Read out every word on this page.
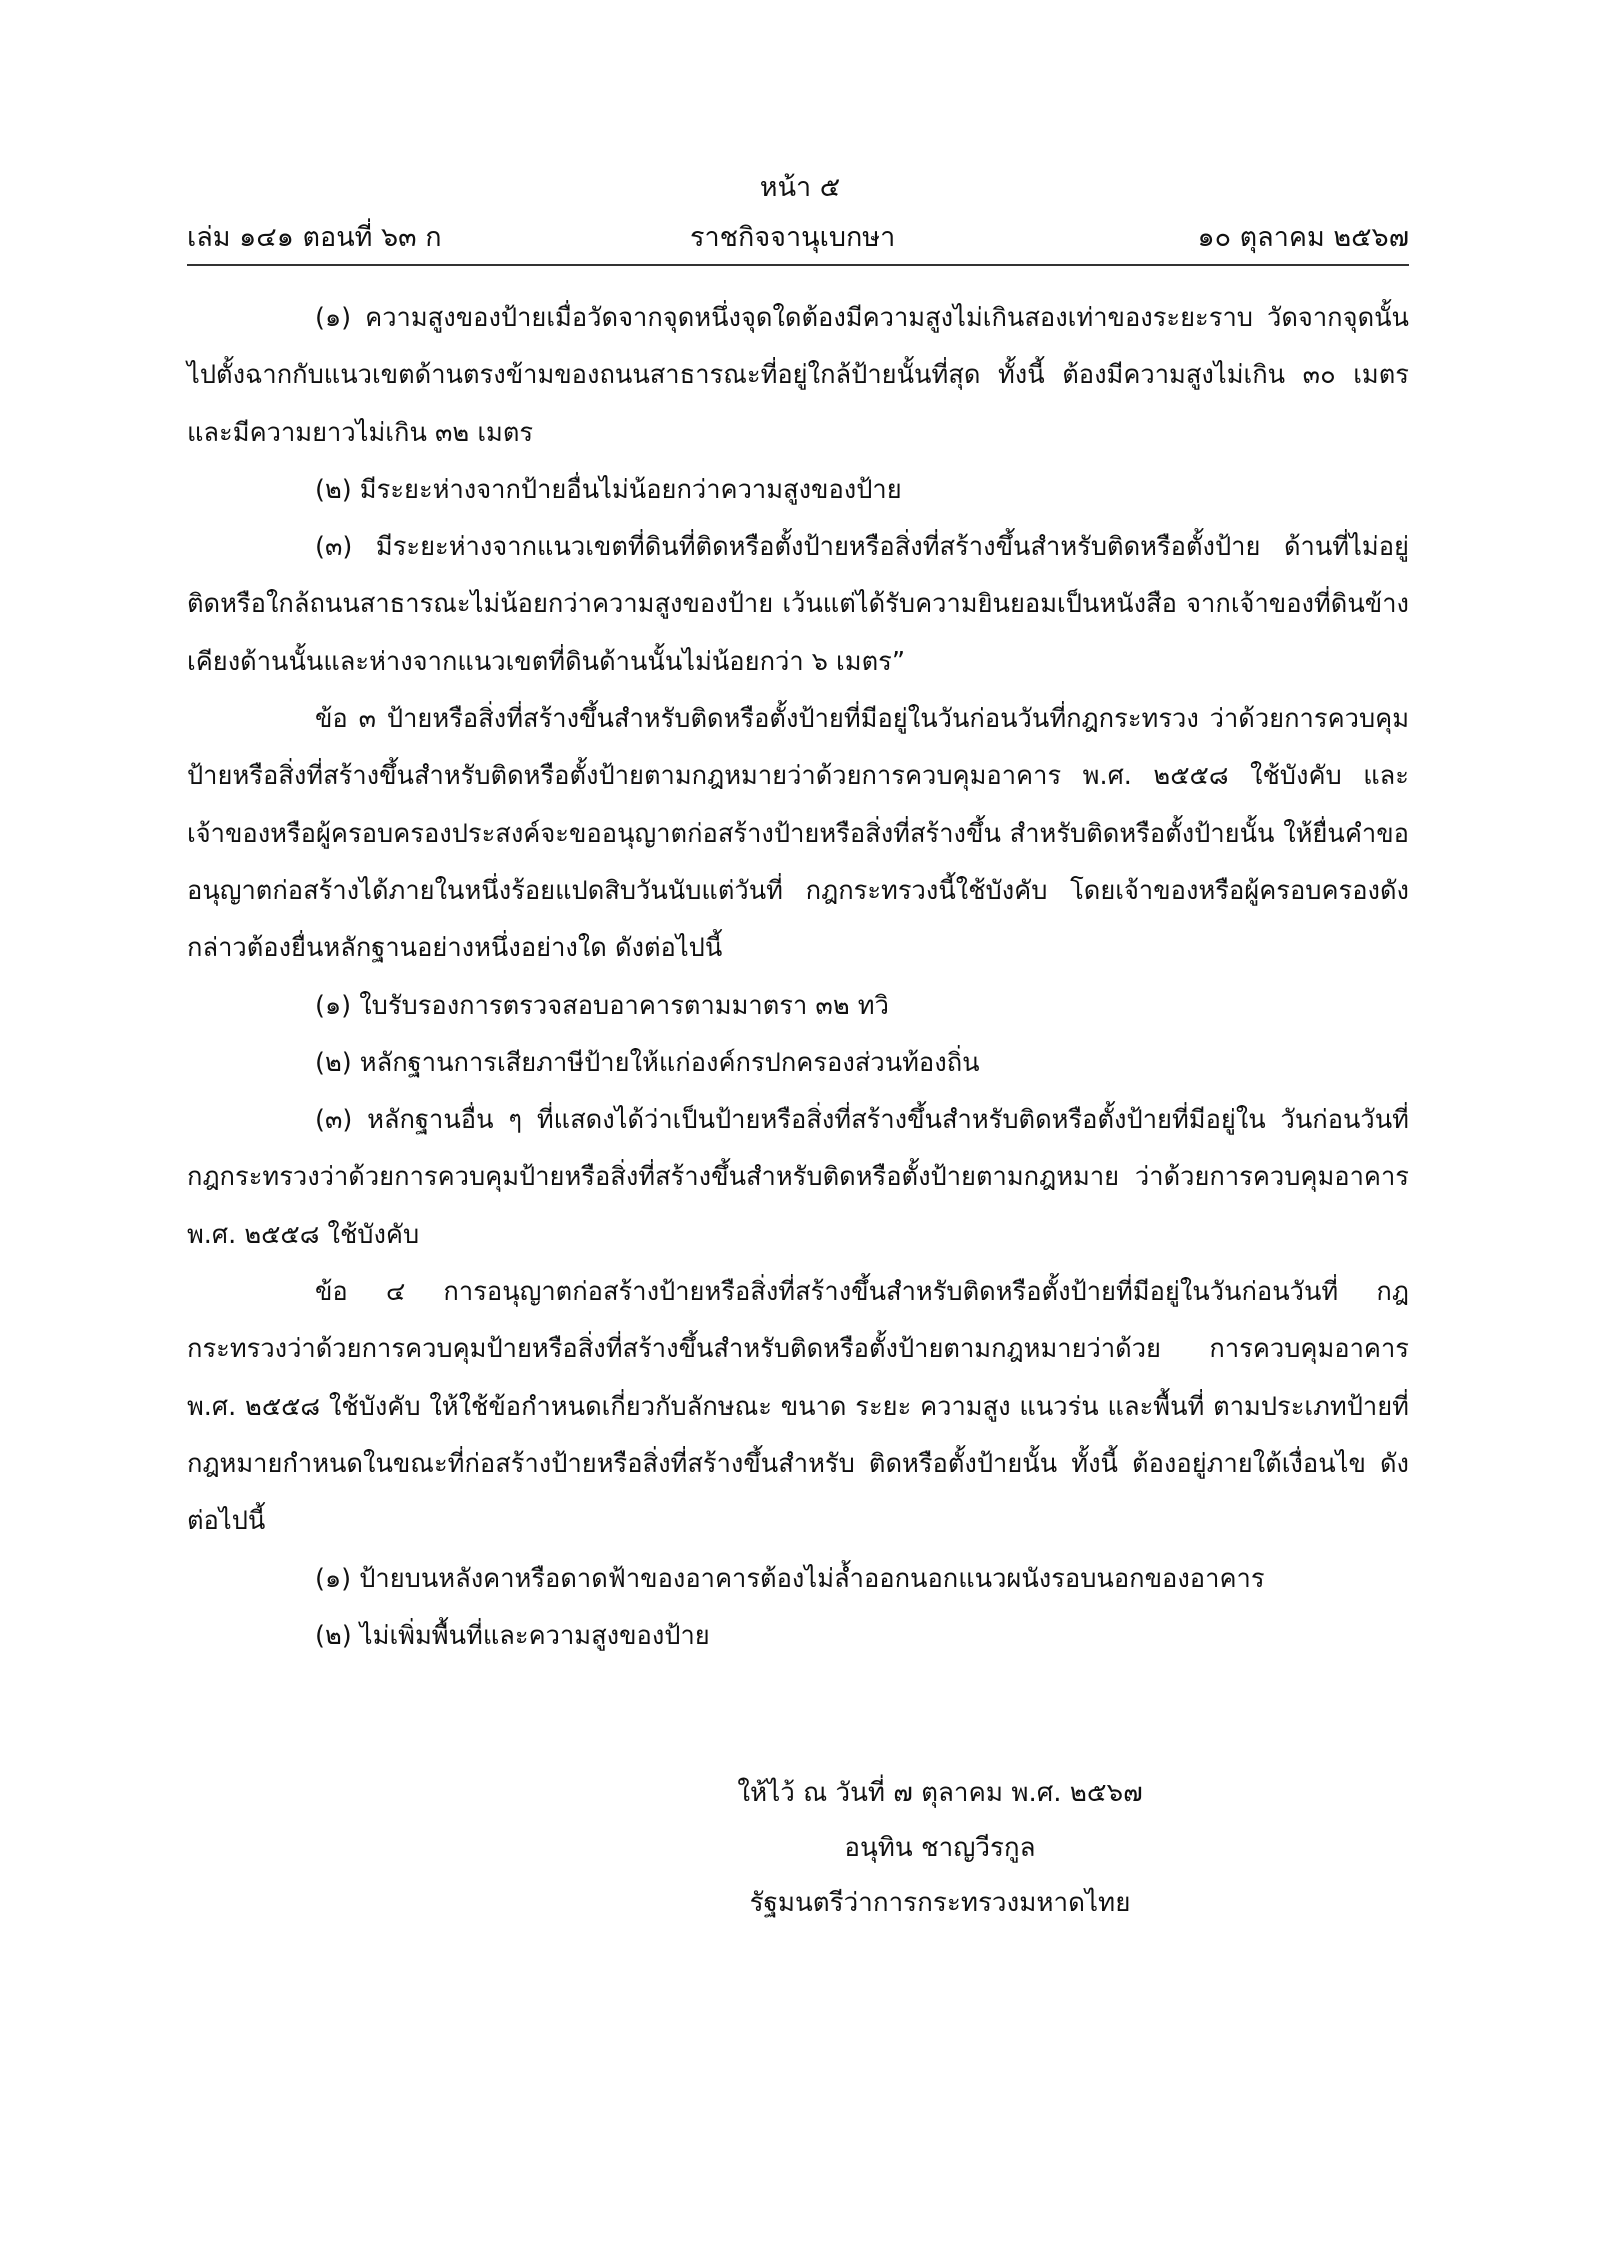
หน้า ๕
เล่ม ๑๔๑ ตอนที่ ๖๓ ก	ราชกิจจานุเบกษา	๑๐ ตุลาคม ๒๕๖๗

(๑) ความสูงของป้ายเมื่อวัดจากจุดหนึ่งจุดใดต้องมีความสูงไม่เกินสองเท่าของระยะราบ วัดจากจุดนั้นไปตั้งฉากกับแนวเขตด้านตรงข้ามของถนนสาธารณะที่อยู่ใกล้ป้ายนั้นที่สุด ทั้งนี้ ต้องมีความสูงไม่เกิน ๓๐ เมตร และมีความยาวไม่เกิน ๓๒ เมตร

(๒) มีระยะห่างจากป้ายอื่นไม่น้อยกว่าความสูงของป้าย

(๓) มีระยะห่างจากแนวเขตที่ดินที่ติดหรือตั้งป้ายหรือสิ่งที่สร้างขึ้นสำหรับติดหรือตั้งป้าย ด้านที่ไม่อยู่ติดหรือใกล้ถนนสาธารณะไม่น้อยกว่าความสูงของป้าย เว้นแต่ได้รับความยินยอมเป็นหนังสือ จากเจ้าของที่ดินข้างเคียงด้านนั้นและห่างจากแนวเขตที่ดินด้านนั้นไม่น้อยกว่า ๖ เมตร”

ข้อ ๓ ป้ายหรือสิ่งที่สร้างขึ้นสำหรับติดหรือตั้งป้ายที่มีอยู่ในวันก่อนวันที่กฎกระทรวง ว่าด้วยการควบคุมป้ายหรือสิ่งที่สร้างขึ้นสำหรับติดหรือตั้งป้ายตามกฎหมายว่าด้วยการควบคุมอาคาร พ.ศ. ๒๕๕๘ ใช้บังคับ และเจ้าของหรือผู้ครอบครองประสงค์จะขออนุญาตก่อสร้างป้ายหรือสิ่งที่สร้างขึ้น สำหรับติดหรือตั้งป้ายนั้น ให้ยื่นคำขออนุญาตก่อสร้างได้ภายในหนึ่งร้อยแปดสิบวันนับแต่วันที่ กฎกระทรวงนี้ใช้บังคับ โดยเจ้าของหรือผู้ครอบครองดังกล่าวต้องยื่นหลักฐานอย่างหนึ่งอย่างใด ดังต่อไปนี้

(๑) ใบรับรองการตรวจสอบอาคารตามมาตรา ๓๒ ทวิ

(๒) หลักฐานการเสียภาษีป้ายให้แก่องค์กรปกครองส่วนท้องถิ่น

(๓) หลักฐานอื่น ๆ ที่แสดงได้ว่าเป็นป้ายหรือสิ่งที่สร้างขึ้นสำหรับติดหรือตั้งป้ายที่มีอยู่ใน วันก่อนวันที่กฎกระทรวงว่าด้วยการควบคุมป้ายหรือสิ่งที่สร้างขึ้นสำหรับติดหรือตั้งป้ายตามกฎหมาย ว่าด้วยการควบคุมอาคาร พ.ศ. ๒๕๕๘ ใช้บังคับ

ข้อ ๔ การอนุญาตก่อสร้างป้ายหรือสิ่งที่สร้างขึ้นสำหรับติดหรือตั้งป้ายที่มีอยู่ในวันก่อนวันที่ กฎกระทรวงว่าด้วยการควบคุมป้ายหรือสิ่งที่สร้างขึ้นสำหรับติดหรือตั้งป้ายตามกฎหมายว่าด้วย การควบคุมอาคาร พ.ศ. ๒๕๕๘ ใช้บังคับ ให้ใช้ข้อกำหนดเกี่ยวกับลักษณะ ขนาด ระยะ ความสูง แนวร่น และพื้นที่ ตามประเภทป้ายที่กฎหมายกำหนดในขณะที่ก่อสร้างป้ายหรือสิ่งที่สร้างขึ้นสำหรับ ติดหรือตั้งป้ายนั้น ทั้งนี้ ต้องอยู่ภายใต้เงื่อนไข ดังต่อไปนี้

(๑) ป้ายบนหลังคาหรือดาดฟ้าของอาคารต้องไม่ล้ำออกนอกแนวผนังรอบนอกของอาคาร

(๒) ไม่เพิ่มพื้นที่และความสูงของป้าย

ให้ไว้ ณ วันที่ ๗ ตุลาคม พ.ศ. ๒๕๖๗

อนุทิน ชาญวีรกูล

รัฐมนตรีว่าการกระทรวงมหาดไทย
